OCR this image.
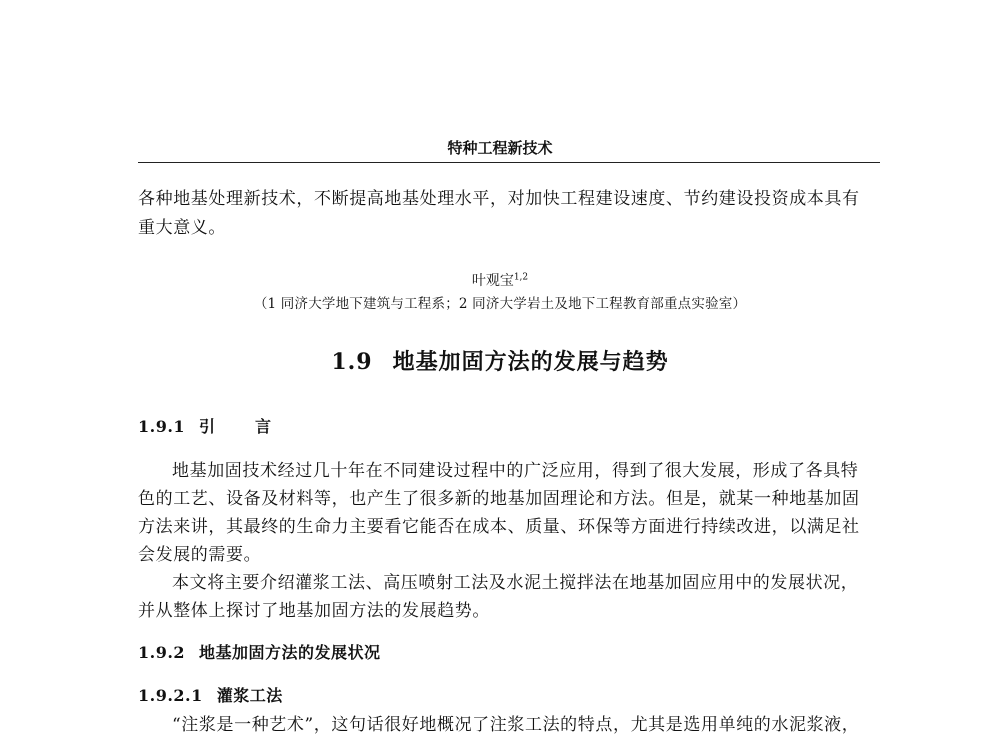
特种工程新技术
各种地基处理新技术，不断提高地基处理水平，对加快工程建设速度、节约建设投资成本具有
重大意义。
叶观宝$^{1,2}$
（1 同济大学地下建筑与工程系；2 同济大学岩土及地下工程教育部重点实验室）
1.9 地基加固方法的发展与趋势
1.9.1 引言
地基加固技术经过几十年在不同建设过程中的广泛应用，得到了很大发展，形成了各具特
色的工艺、设备及材料等，也产生了很多新的地基加固理论和方法。但是，就某一种地基加固
方法来讲，其最终的生命力主要看它能否在成本、质量、环保等方面进行持续改进，以满足社
会发展的需要。
本文将主要介绍灌浆工法、高压喷射工法及水泥土搅拌法在地基加固应用中的发展状况，
并从整体上探讨了地基加固方法的发展趋势。
1.9.2 地基加固方法的发展状况
1.9.2.1 灌浆工法
“注浆是一种艺术”，这句话很好地概况了注浆工法的特点，尤其是选用单纯的水泥浆液，
